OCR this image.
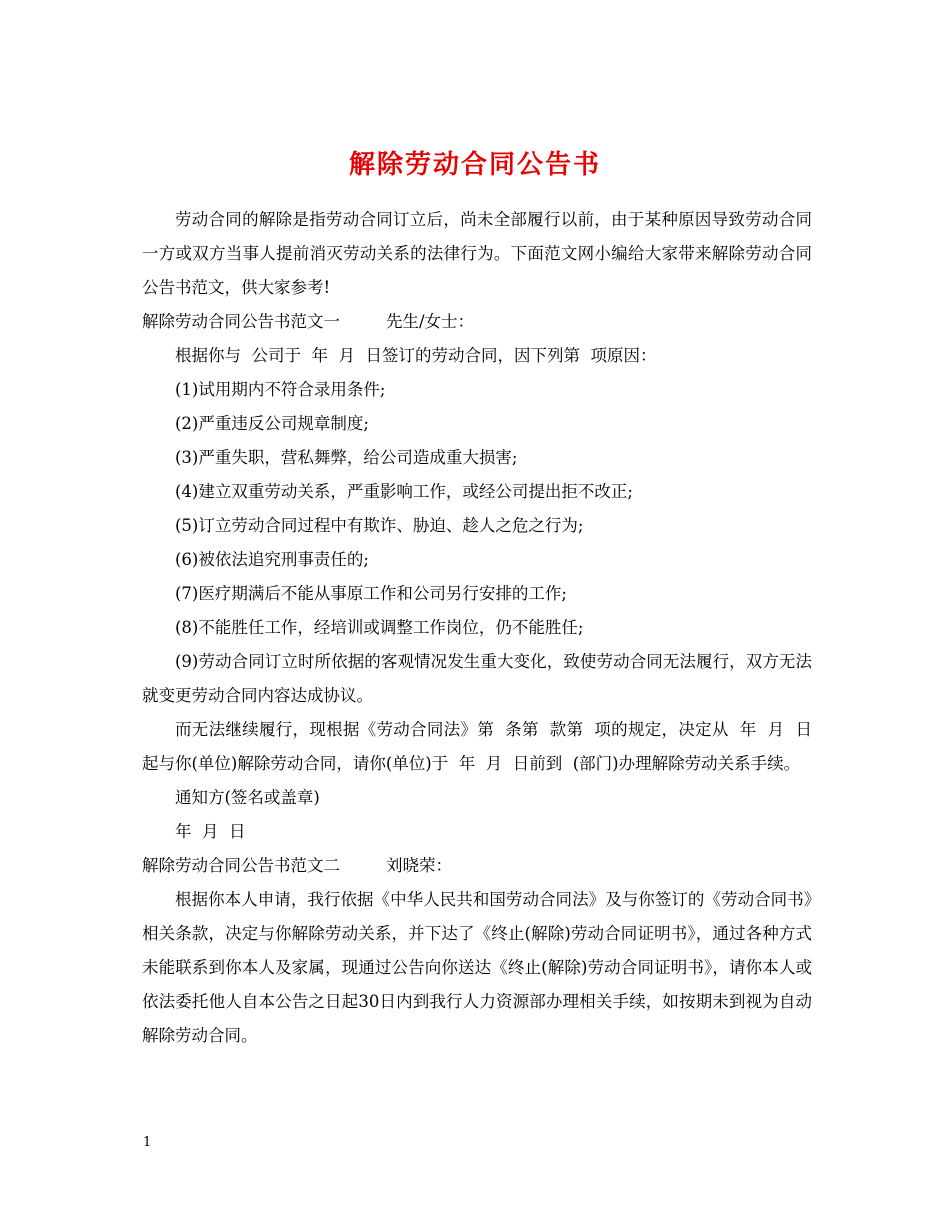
解除劳动合同公告书

劳动合同的解除是指劳动合同订立后，尚未全部履行以前，由于某种原因导致劳动合同一方或双方当事人提前消灭劳动关系的法律行为。下面范文网小编给大家带来解除劳动合同公告书范文，供大家参考!

解除劳动合同公告书范文一	先生/女士：

根据你与  公司于  年  月  日签订的劳动合同，因下列第  项原因：

(1)试用期内不符合录用条件;

(2)严重违反公司规章制度;

(3)严重失职，营私舞弊，给公司造成重大损害;

(4)建立双重劳动关系，严重影响工作，或经公司提出拒不改正;

(5)订立劳动合同过程中有欺诈、胁迫、趁人之危之行为;

(6)被依法追究刑事责任的;

(7)医疗期满后不能从事原工作和公司另行安排的工作;

(8)不能胜任工作，经培训或调整工作岗位，仍不能胜任;

(9)劳动合同订立时所依据的客观情况发生重大变化，致使劳动合同无法履行，双方无法就变更劳动合同内容达成协议。

而无法继续履行，现根据《劳动合同法》第  条第  款第  项的规定，决定从  年  月  日起与你(单位)解除劳动合同，请你(单位)于  年  月  日前到  (部门)办理解除劳动关系手续。

通知方(签名或盖章)

年  月  日

解除劳动合同公告书范文二	刘晓荣：

根据你本人申请，我行依据《中华人民共和国劳动合同法》及与你签订的《劳动合同书》相关条款，决定与你解除劳动关系，并下达了《终止(解除)劳动合同证明书》，通过各种方式未能联系到你本人及家属，现通过公告向你送达《终止(解除)劳动合同证明书》，请你本人或依法委托他人自本公告之日起30日内到我行人力资源部办理相关手续，如按期未到视为自动解除劳动合同。

1
